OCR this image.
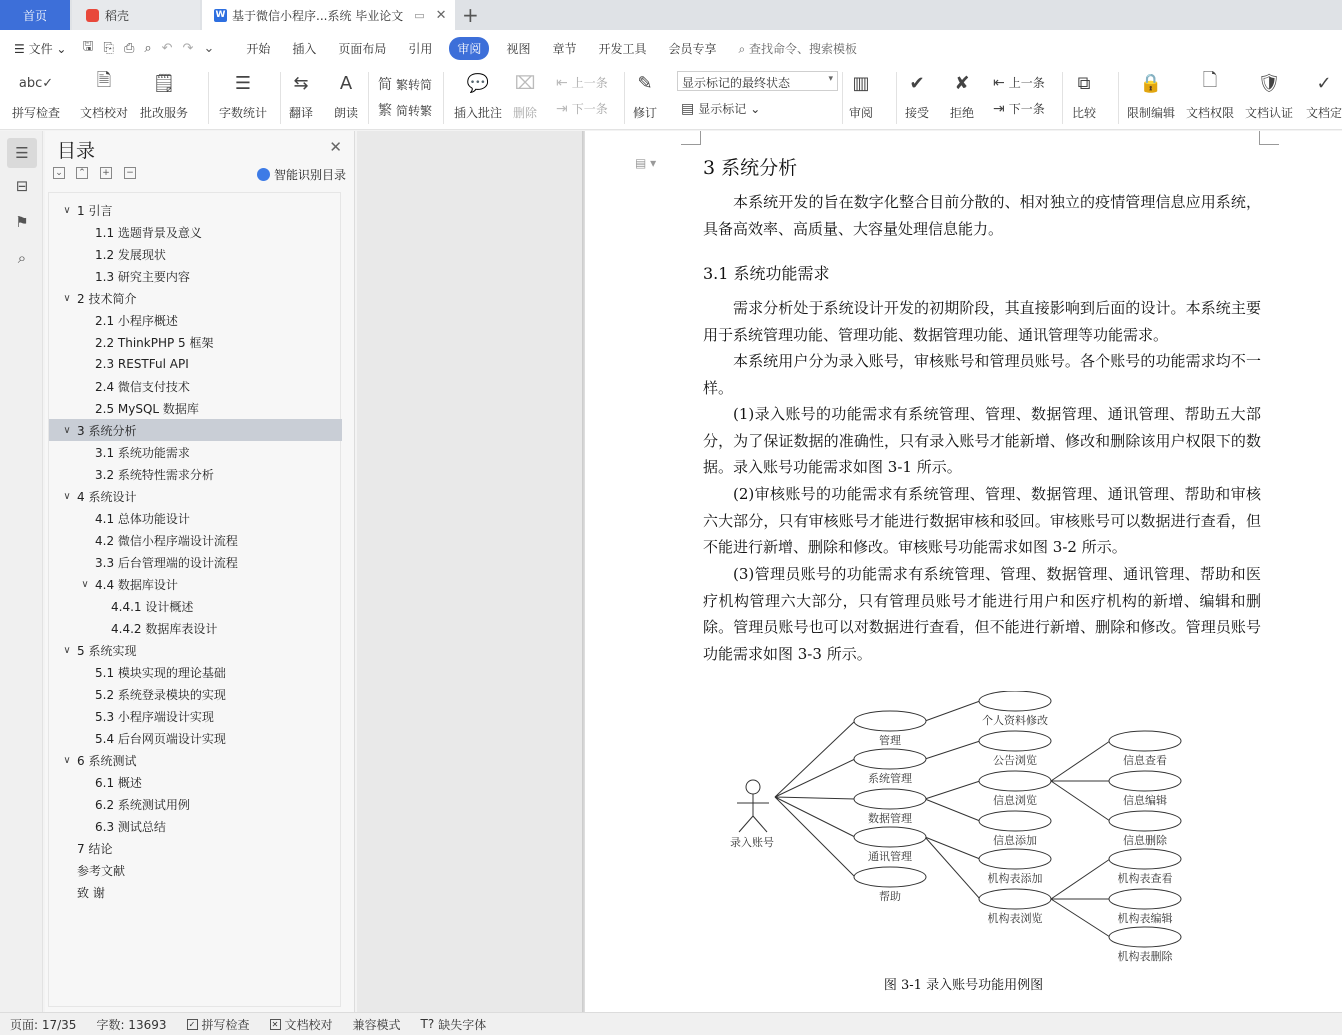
首页	稻壳	W 基于微信小程序...系统 毕业论文 ▭ ✕ +
☰ 文件 ⌄	🖫 ⎘ ⎙ ⌕ ↶ ↷ ⌄	开始	插入	页面布局	引用	审阅	视图	章节	开发工具	会员专享	⌕ 查找命令、搜索模板
abc✓
拼写检查
🗎
文档校对
🗒
批改服务
☰
字数统计
⇆
翻译
A
朗读
简 繁转简
繁 简转繁
💬
插入批注
⌧
删除
⇤ 上一条
⇥ 下一条
✎
修订 ▤ 显示标记 ⌄
▥
审阅
✔
接受
✘
拒绝
⇤ 上一条
⇥ 下一条
⧉
比较
🔒
限制编辑
🗋
文档权限
🛡
文档认证
✓
文档定
显示标记的最终状态	▾
☰
⊟
⚑
⌕
目录	✕
⌄ ⌃ + −	智能识别目录
∨ 1 引言
1.1 选题背景及意义
1.2 发展现状
1.3 研究主要内容
∨ 2 技术简介
2.1 小程序概述
2.2 ThinkPHP 5 框架
2.3 RESTFul API
2.4 微信支付技术
2.5 MySQL 数据库
∨ 3 系统分析
3.1 系统功能需求
3.2 系统特性需求分析
∨ 4 系统设计
4.1 总体功能设计
4.2 微信小程序端设计流程
3.3 后台管理端的设计流程
∨ 4.4 数据库设计
4.4.1 设计概述
4.4.2 数据库表设计
∨ 5 系统实现
5.1 模块实现的理论基础
5.2 系统登录模块的实现
5.3 小程序端设计实现
5.4 后台网页端设计实现
∨ 6 系统测试
6.1 概述
6.2 系统测试用例
6.3 测试总结
7 结论
参考文献
致 谢
▤ ▾ 3 系统分析
本系统开发的旨在数字化整合目前分散的、相对独立的疫情管理信息应用系统，具备高效率、高质量、大容量处理信息能力。
3.1 系统功能需求
需求分析处于系统设计开发的初期阶段，其直接影响到后面的设计。本系统主要用于系统管理功能、管理功能、数据管理功能、通讯管理等功能需求。
本系统用户分为录入账号，审核账号和管理员账号。各个账号的功能需求均不一样。
(1)录入账号的功能需求有系统管理、管理、数据管理、通讯管理、帮助五大部分，为了保证数据的准确性，只有录入账号才能新增、修改和删除该用户权限下的数据。录入账号功能需求如图 3-1 所示。
(2)审核账号的功能需求有系统管理、管理、数据管理、通讯管理、帮助和审核六大部分，只有审核账号才能进行数据审核和驳回。审核账号可以数据进行查看，但不能进行新增、删除和修改。审核账号功能需求如图 3-2 所示。
(3)管理员账号的功能需求有系统管理、管理、数据管理、通讯管理、帮助和医疗机构管理六大部分，只有管理员账号才能进行用户和医疗机构的新增、编辑和删除。管理员账号也可以对数据进行查看，但不能进行新增、删除和修改。管理员账号功能需求如图 3-3 所示。
录入账号
管理
系统管理
数据管理
通讯管理
帮助
个人资料修改
公告浏览
信息浏览
信息添加
机构表添加
机构表浏览
信息查看
信息编辑
信息删除
机构表查看
机构表编辑
机构表删除
图 3-1 录入账号功能用例图
页面: 17/35	字数: 13693	✓ 拼写检查	✕ 文档校对	兼容模式	T? 缺失字体
